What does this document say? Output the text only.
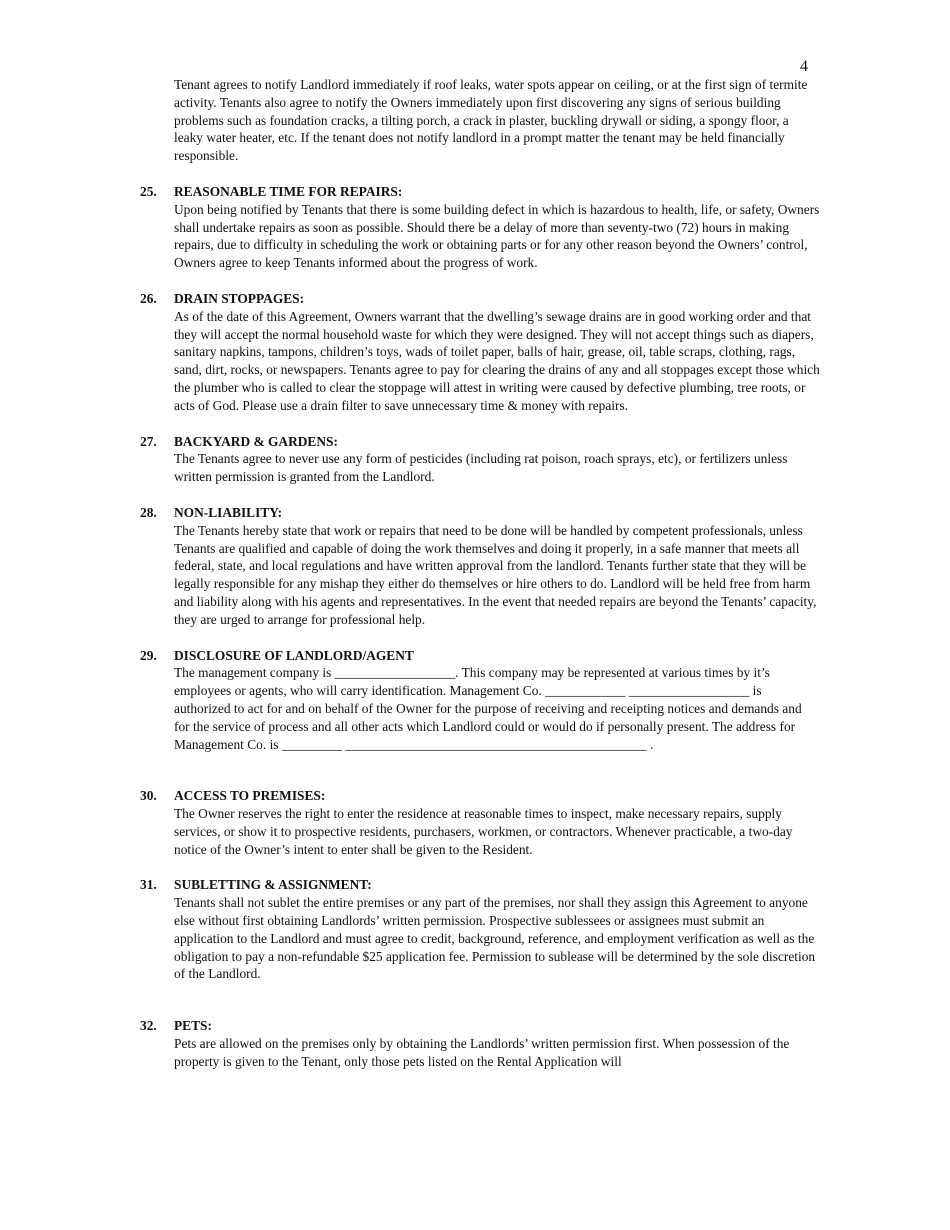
4

Tenant agrees to notify Landlord immediately if roof leaks, water spots appear on ceiling, or at the first sign of termite activity. Tenants also agree to notify the Owners immediately upon first discovering any signs of serious building problems such as foundation cracks, a tilting porch, a crack in plaster, buckling drywall or siding, a spongy floor, a leaky water heater, etc. If the tenant does not notify landlord in a prompt matter the tenant may be held financially responsible.

25. REASONABLE TIME FOR REPAIRS:

Upon being notified by Tenants that there is some building defect in which is hazardous to health, life, or safety, Owners shall undertake repairs as soon as possible. Should there be a delay of more than seventy-two (72) hours in making repairs, due to difficulty in scheduling the work or obtaining parts or for any other reason beyond the Owners’ control, Owners agree to keep Tenants informed about the progress of work.

26. DRAIN STOPPAGES:

As of the date of this Agreement, Owners warrant that the dwelling’s sewage drains are in good working order and that they will accept the normal household waste for which they were designed. They will not accept things such as diapers, sanitary napkins, tampons, children’s toys, wads of toilet paper, balls of hair, grease, oil, table scraps, clothing, rags, sand, dirt, rocks, or newspapers. Tenants agree to pay for clearing the drains of any and all stoppages except those which the plumber who is called to clear the stoppage will attest in writing were caused by defective plumbing, tree roots, or acts of God. Please use a drain filter to save unnecessary time & money with repairs.

27. BACKYARD & GARDENS:

The Tenants agree to never use any form of pesticides (including rat poison, roach sprays, etc), or fertilizers unless written permission is granted from the Landlord.

28. NON-LIABILITY:

The Tenants hereby state that work or repairs that need to be done will be handled by competent professionals, unless Tenants are qualified and capable of doing the work themselves and doing it properly, in a safe manner that meets all federal, state, and local regulations and have written approval from the landlord. Tenants further state that they will be legally responsible for any mishap they either do themselves or hire others to do. Landlord will be held free from harm and liability along with his agents and representatives. In the event that needed repairs are beyond the Tenants’ capacity, they are urged to arrange for professional help.

29. DISCLOSURE OF LANDLORD/AGENT

The management company is __________________. This company may be represented at various times by it’s employees or agents, who will carry identification. Management Co. ____________ __________________ is authorized to act for and on behalf of the Owner for the purpose of receiving and receipting notices and demands and for the service of process and all other acts which Landlord could or would do if personally present. The address for Management Co. is _________ _____________________________________________ .

30. ACCESS TO PREMISES:

The Owner reserves the right to enter the residence at reasonable times to inspect, make necessary repairs, supply services, or show it to prospective residents, purchasers, workmen, or contractors. Whenever practicable, a two-day notice of the Owner’s intent to enter shall be given to the Resident.

31. SUBLETTING & ASSIGNMENT:

Tenants shall not sublet the entire premises or any part of the premises, nor shall they assign this Agreement to anyone else without first obtaining Landlords’ written permission. Prospective sublessees or assignees must submit an application to the Landlord and must agree to credit, background, reference, and employment verification as well as the obligation to pay a non-refundable $25 application fee. Permission to sublease will be determined by the sole discretion of the Landlord.

32. PETS:

Pets are allowed on the premises only by obtaining the Landlords’ written permission first. When possession of the property is given to the Tenant, only those pets listed on the Rental Application will
